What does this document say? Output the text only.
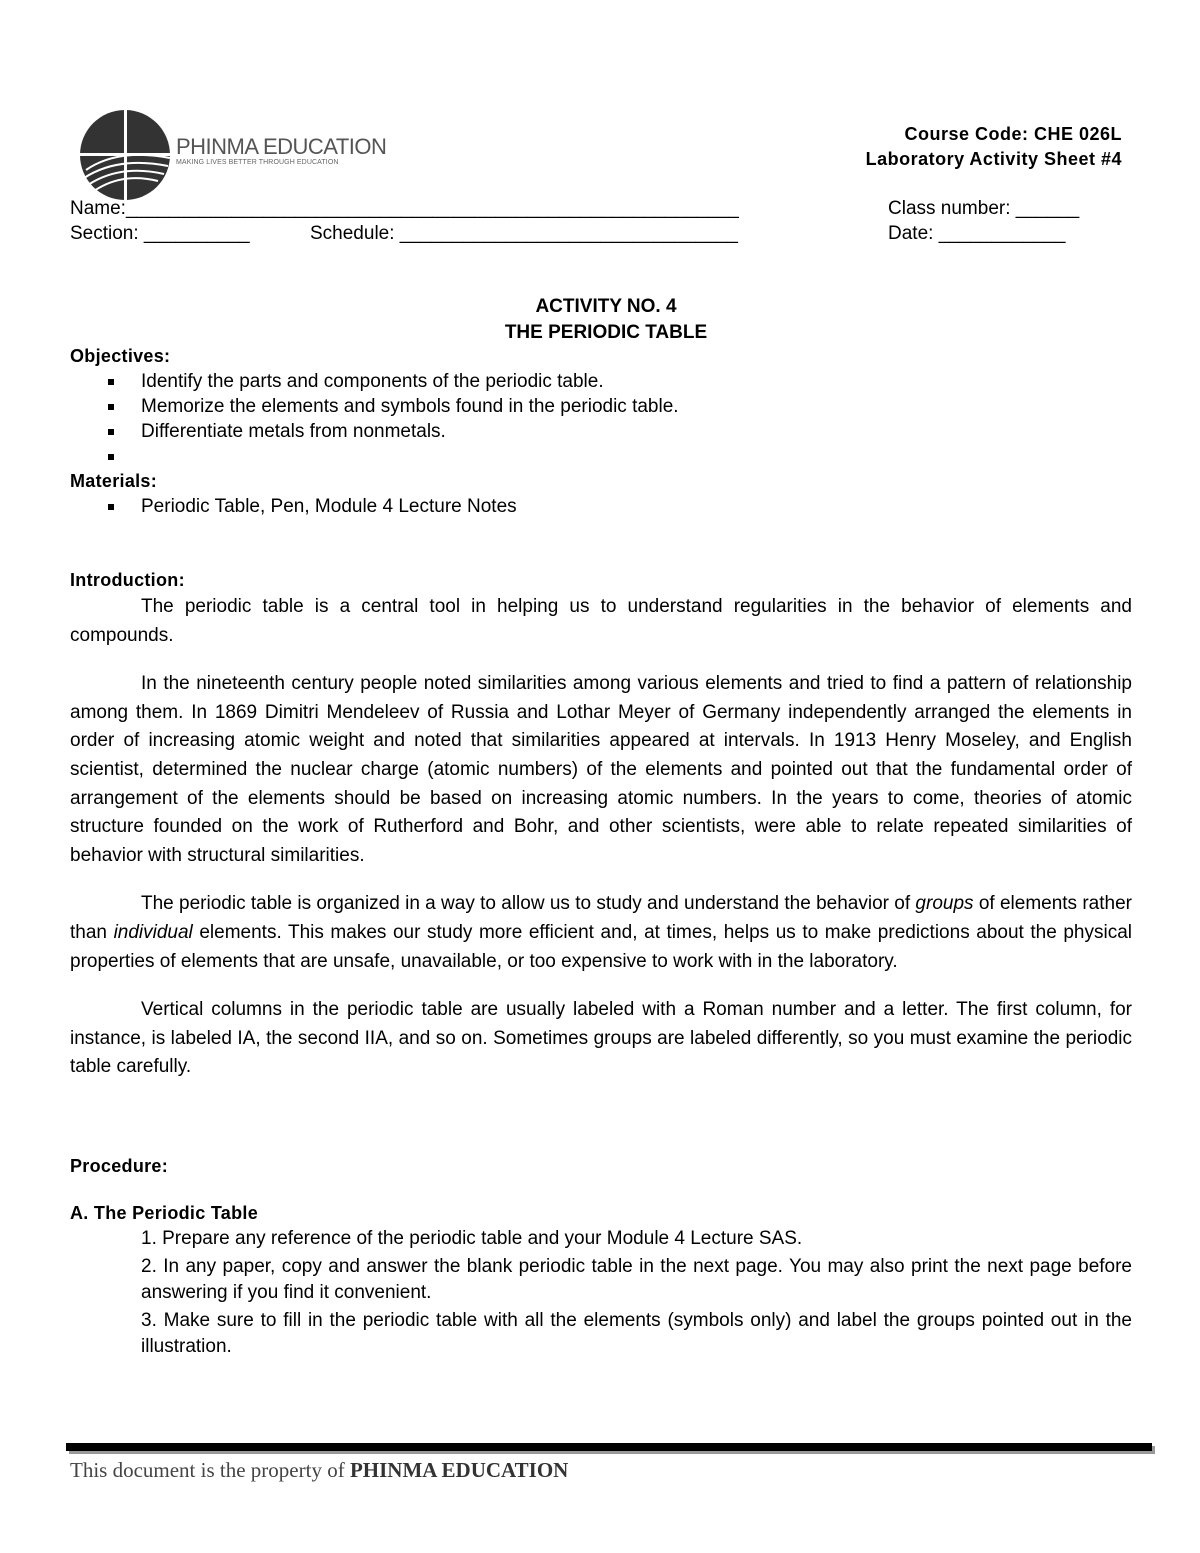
PHINMA EDUCATION
MAKING LIVES BETTER THROUGH EDUCATION
Course Code: CHE 026L
Laboratory Activity Sheet #4
Name:__________________________________________________________	Class number: ______
Section: __________	Schedule: ________________________________	Date: ____________
ACTIVITY NO. 4
THE PERIODIC TABLE
Objectives:
Identify the parts and components of the periodic table.
Memorize the elements and symbols found in the periodic table.
Differentiate metals from nonmetals.
Materials:
Periodic Table, Pen, Module 4 Lecture Notes
Introduction:

The periodic table is a central tool in helping us to understand regularities in the behavior of elements and compounds.

In the nineteenth century people noted similarities among various elements and tried to find a pattern of relationship among them. In 1869 Dimitri Mendeleev of Russia and Lothar Meyer of Germany independently arranged the elements in order of increasing atomic weight and noted that similarities appeared at intervals. In 1913 Henry Moseley, and English scientist, determined the nuclear charge (atomic numbers) of the elements and pointed out that the fundamental order of arrangement of the elements should be based on increasing atomic numbers. In the years to come, theories of atomic structure founded on the work of Rutherford and Bohr, and other scientists, were able to relate repeated similarities of behavior with structural similarities.

The periodic table is organized in a way to allow us to study and understand the behavior of groups of elements rather than individual elements. This makes our study more efficient and, at times, helps us to make predictions about the physical properties of elements that are unsafe, unavailable, or too expensive to work with in the laboratory.

Vertical columns in the periodic table are usually labeled with a Roman number and a letter. The first column, for instance, is labeled IA, the second IIA, and so on. Sometimes groups are labeled differently, so you must examine the periodic table carefully.

Procedure:
A. The Periodic Table
1. Prepare any reference of the periodic table and your Module 4 Lecture SAS.
2. In any paper, copy and answer the blank periodic table in the next page. You may also print the next page before answering if you find it convenient.
3. Make sure to fill in the periodic table with all the elements (symbols only) and label the groups pointed out in the illustration.
This document is the property of PHINMA EDUCATION
